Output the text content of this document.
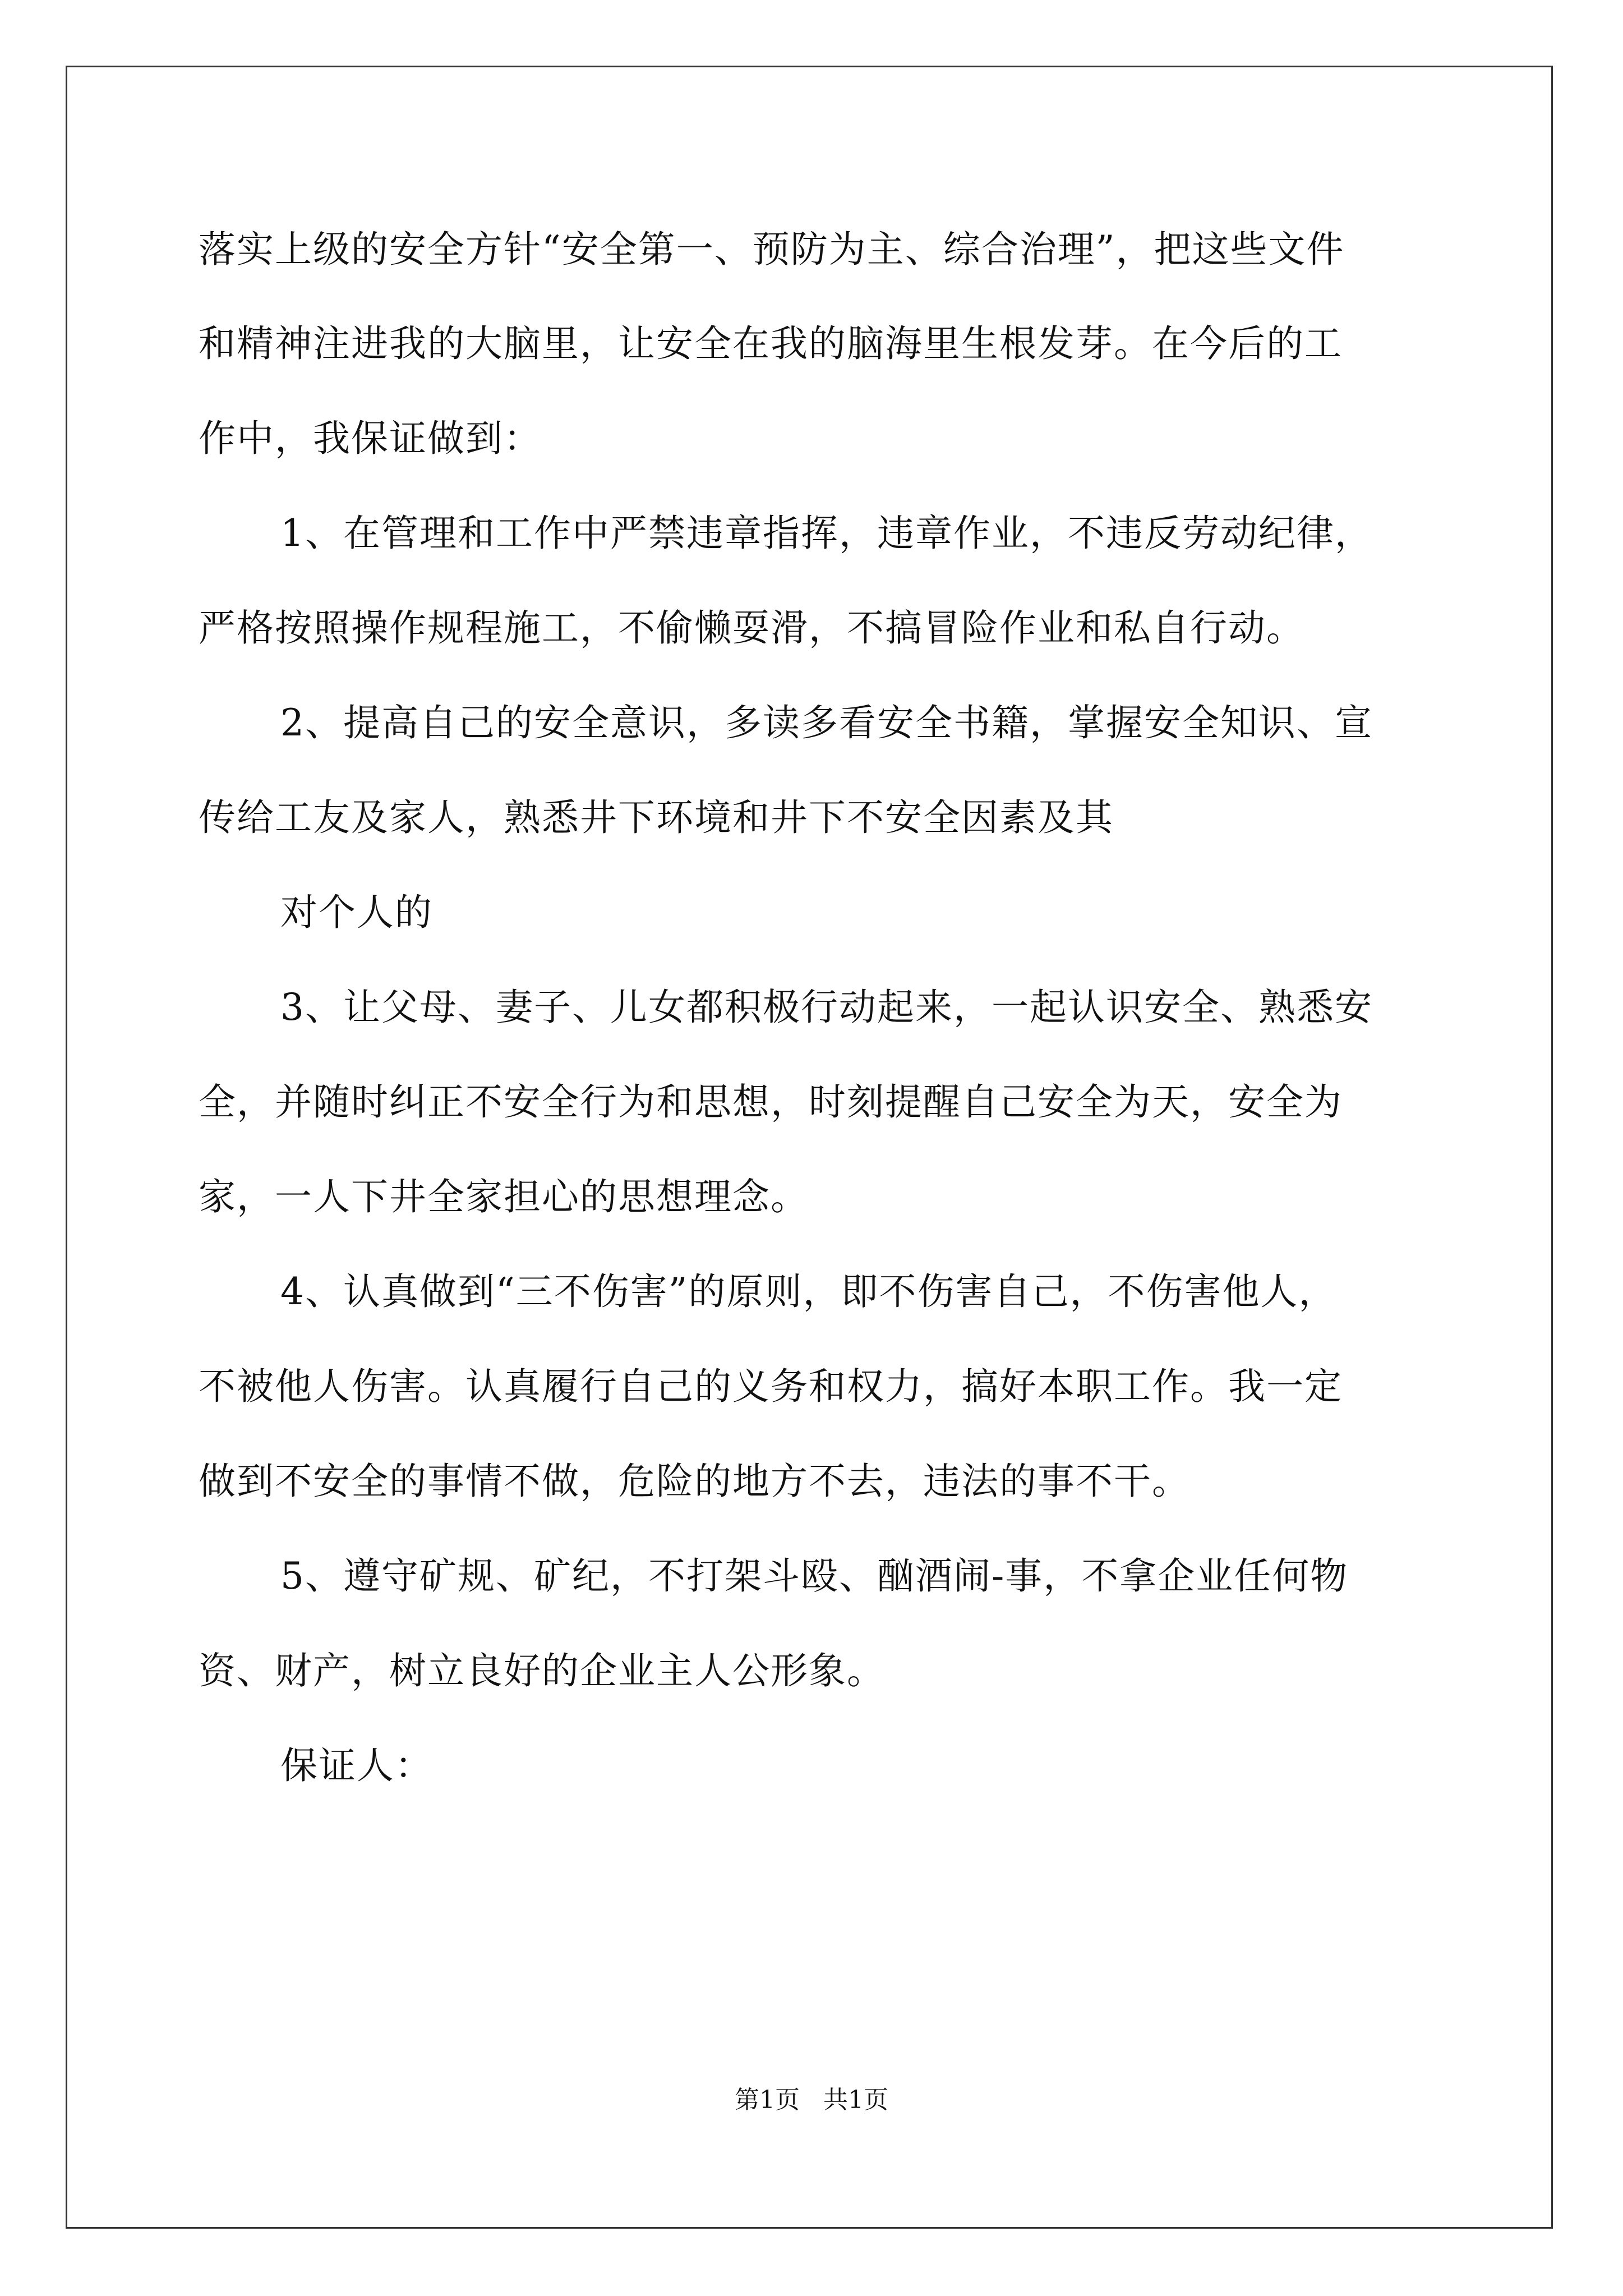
落实上级的安全方针“安全第一、预防为主、综合治理”，把这些文件
和精神注进我的大脑里，让安全在我的脑海里生根发芽。在今后的工
作中，我保证做到：
1、在管理和工作中严禁违章指挥，违章作业，不违反劳动纪律，
严格按照操作规程施工，不偷懒耍滑，不搞冒险作业和私自行动。
2、提高自己的安全意识，多读多看安全书籍，掌握安全知识、宣
传给工友及家人，熟悉井下环境和井下不安全因素及其
对个人的
3、让父母、妻子、儿女都积极行动起来，一起认识安全、熟悉安
全，并随时纠正不安全行为和思想，时刻提醒自己安全为天，安全为
家，一人下井全家担心的思想理念。
4、认真做到“三不伤害”的原则，即不伤害自己，不伤害他人，
不被他人伤害。认真履行自己的义务和权力，搞好本职工作。我一定
做到不安全的事情不做，危险的地方不去，违法的事不干。
5、遵守矿规、矿纪，不打架斗殴、酗酒闹-事，不拿企业任何物
资、财产，树立良好的企业主人公形象。
保证人：
第1页 共1页
